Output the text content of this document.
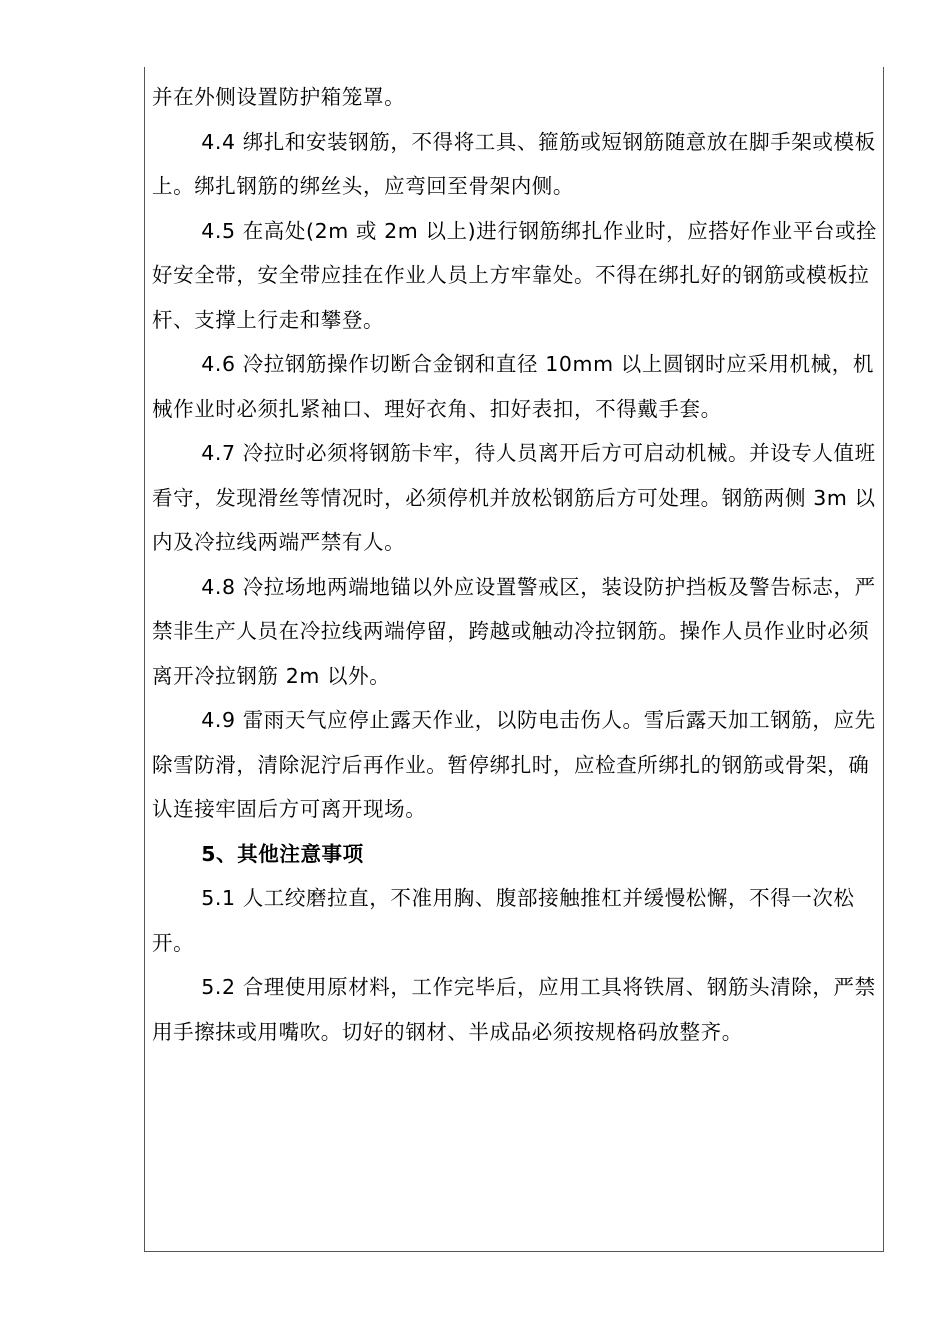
并在外侧设置防护箱笼罩。

4.4 绑扎和安装钢筋，不得将工具、箍筋或短钢筋随意放在脚手架或模板上。绑扎钢筋的绑丝头，应弯回至骨架内侧。

4.5 在高处(2m 或 2m 以上)进行钢筋绑扎作业时，应搭好作业平台或拴好安全带，安全带应挂在作业人员上方牢靠处。不得在绑扎好的钢筋或模板拉杆、支撑上行走和攀登。

4.6 冷拉钢筋操作切断合金钢和直径 10mm 以上圆钢时应采用机械，机械作业时必须扎紧袖口、理好衣角、扣好表扣，不得戴手套。

4.7 冷拉时必须将钢筋卡牢，待人员离开后方可启动机械。并设专人值班看守，发现滑丝等情况时，必须停机并放松钢筋后方可处理。钢筋两侧 3m 以内及冷拉线两端严禁有人。

4.8 冷拉场地两端地锚以外应设置警戒区，装设防护挡板及警告标志，严禁非生产人员在冷拉线两端停留，跨越或触动冷拉钢筋。操作人员作业时必须离开冷拉钢筋 2m 以外。

4.9 雷雨天气应停止露天作业，以防电击伤人。雪后露天加工钢筋，应先除雪防滑，清除泥泞后再作业。暂停绑扎时，应检查所绑扎的钢筋或骨架，确认连接牢固后方可离开现场。

5、其他注意事项

5.1 人工绞磨拉直，不准用胸、腹部接触推杠并缓慢松懈，不得一次松开。

5.2 合理使用原材料，工作完毕后，应用工具将铁屑、钢筋头清除，严禁用手擦抹或用嘴吹。切好的钢材、半成品必须按规格码放整齐。
